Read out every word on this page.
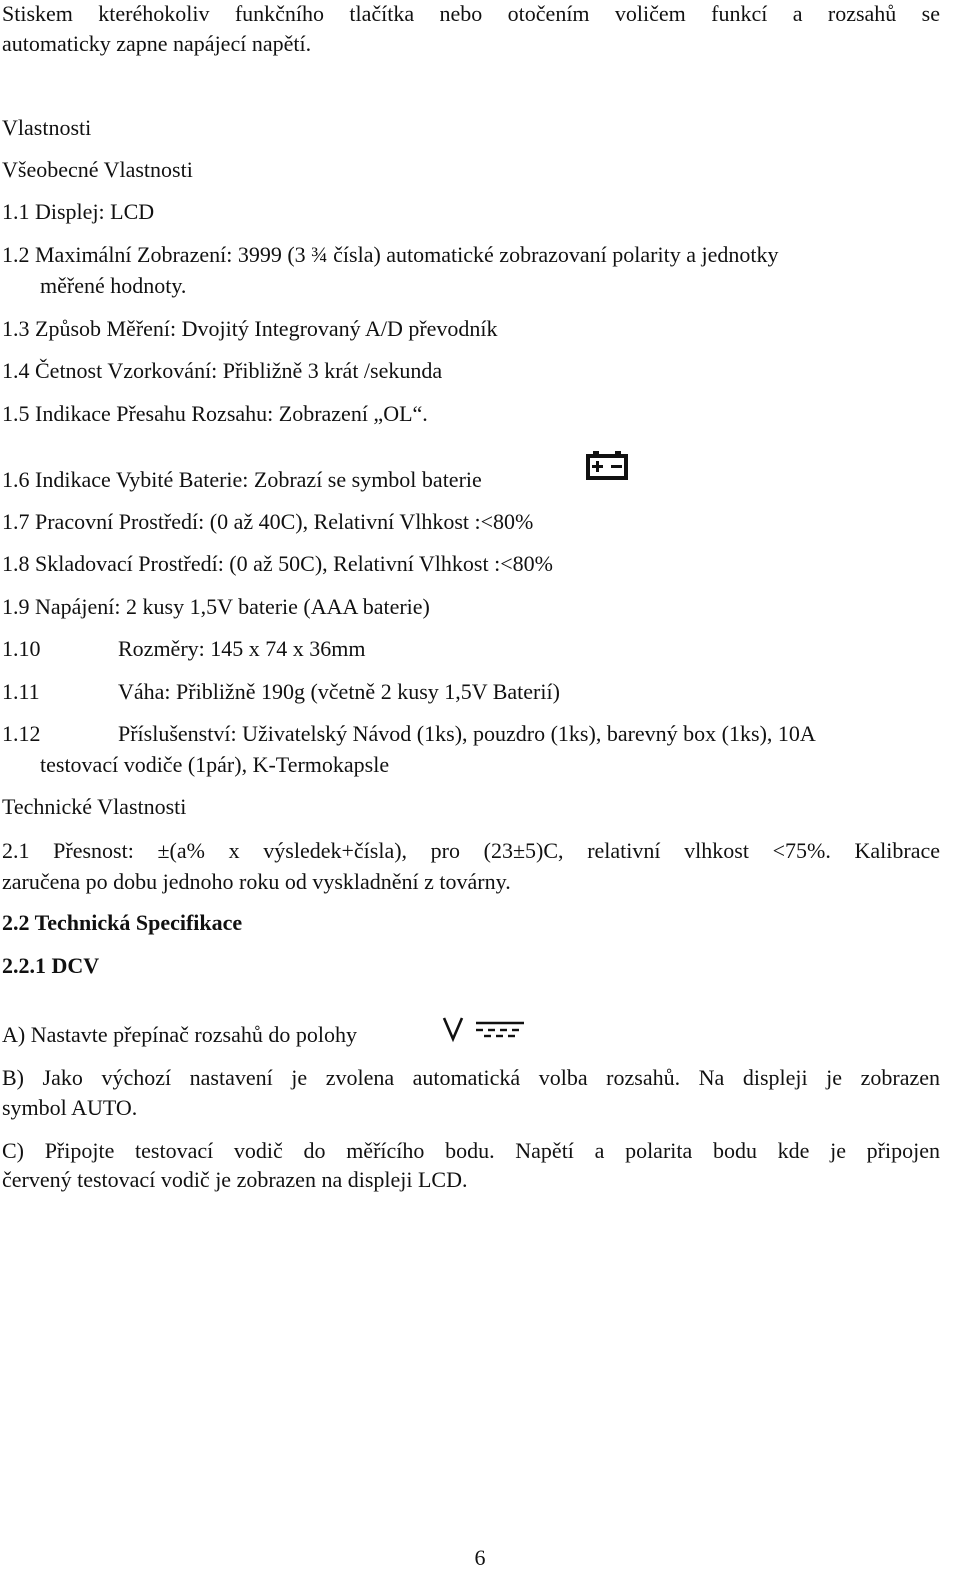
Stiskem kteréhokoliv funkčního tlačítka nebo otočením voličem funkcí a rozsahů se
automaticky zapne napájecí napětí.
Vlastnosti
Všeobecné Vlastnosti
1.1 Displej: LCD
1.2 Maximální Zobrazení: 3999 (3 ¾ čísla) automatické zobrazovaní polarity a jednotky
měřené hodnoty.
1.3 Způsob Měření: Dvojitý Integrovaný A/D převodník
1.4 Četnost Vzorkování: Přibližně 3 krát /sekunda
1.5 Indikace Přesahu Rozsahu: Zobrazení „OL“.
1.6 Indikace Vybité Baterie: Zobrazí se symbol baterie
1.7 Pracovní Prostředí: (0 až 40C), Relativní Vlhkost :<80%
1.8 Skladovací Prostředí: (0 až 50C), Relativní Vlhkost :<80%
1.9 Napájení: 2 kusy 1,5V baterie (AAA baterie)
1.10	Rozměry: 145 x 74 x 36mm
1.11	Váha: Přibližně 190g (včetně 2 kusy 1,5V Baterií)
1.12	Příslušenství: Uživatelský Návod (1ks), pouzdro (1ks), barevný box (1ks), 10A
testovací vodiče (1pár), K-Termokapsle
Technické Vlastnosti
2.1 Přesnost: ±(a% x výsledek+čísla), pro (23±5)C, relativní vlhkost <75%. Kalibrace
zaručena po dobu jednoho roku od vyskladnění z továrny.
2.2 Technická Specifikace
2.2.1 DCV
A) Nastavte přepínač rozsahů do polohy
B) Jako výchozí nastavení je zvolena automatická volba rozsahů. Na displeji je zobrazen
symbol AUTO.
C) Připojte testovací vodič do měřícího bodu. Napětí a polarita bodu kde je připojen
červený testovací vodič je zobrazen na displeji LCD.
6
